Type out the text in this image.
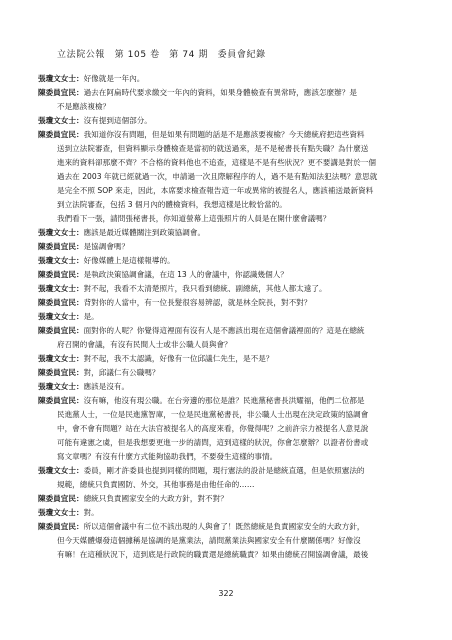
立法院公報　第 105 卷　第 74 期　委員會紀錄
張瓊文女士：好像就是一年內。
陳委員宜民：過去在阿扁時代要求繳交一年內的資料，如果身體檢查有異常時，應該怎麼辦？是
不是應該複檢？
張瓊文女士：沒有提到這個部分。
陳委員宜民：我知道你沒有問題，但是如果有問題的話是不是應該要複檢？今天總統府把這些資料
送到立法院審查，但資料顯示身體檢查是當初的就送過來，是不是秘書長有點失職？為什麼送
進來的資料卻那麼不齊？不合格的資料他也不追查，這樣是不是有些狀況？更不要講是對於一個
過去在 2003 年就已經就過一次，申請過一次且際解程序的人，過不是有點知法犯法嗎？意思就
是完全不照 SOP 來走，因此，本席要求檢查報告這一年或異常的被提名人，應該補送最新資料
到立法院審查，包括 3 個月內的體檢資料，我想這樣是比較恰當的。
我們看下一張，請問張秘書長，你知道螢幕上這張照片的人員是在開什麼會議嗎？
張瓊文女士：應該是最近媒體關注到政策協調會。
陳委員宜民：是協調會嗎？
張瓊文女士：好像媒體上是這樣報導的。
陳委員宜民：是執政決策協調會議，在這 13 人的會議中，你認識幾個人？
張瓊文女士：對不起，我看不太清楚照片，我只看到總統、副總統，其他人都太遠了。
陳委員宜民：背對你的人當中，有一位長髮很容易辨認，就是林全院長，對不對？
張瓊文女士：是。
陳委員宜民：面對你的人呢？你覺得這裡面有沒有人是不應該出現在這個會議裡面的？這是在總統
府召開的會議，有沒有民間人士或非公職人員與會？
張瓊文女士：對不起，我不太認識，好像有一位邱議仁先生，是不是？
陳委員宜民：對，邱議仁有公職嗎？
張瓊文女士：應該是沒有。
陳委員宜民：沒有嘛，他沒有現公職。在台旁邊的那位是誰？民進黨秘書長洪耀福，他們二位都是
民進黨人士，一位是民進黨智庫，一位是民進黨秘書長，非公職人士出現在決定政策的協調會
中，會不會有問題？站在大法官被提名人的高度來看，你覺得呢？之前許宗力被提名人意見說
可能有違憲之虞，但是我想要更進一步的請問，這到這樣的狀況，你會怎麼辦？以證者份書或
寫文章嗎？有沒有什麼方式能夠協助我們，不要發生這樣的事情。
張瓊文女士：委員，剛才許委員也提到同樣的問題，現行憲法的設計是總統直選，但是依照憲法的
規範，總統只負責國防、外交，其他事務是由他任命的……
陳委員宜民：總統只負責國家安全的大政方針，對不對？
張瓊文女士：對。
陳委員宜民：所以這個會議中有二位不該出現的人與會了！既然總統是負責國家安全的大政方針，
但今天媒體爆發這個據稱是協調的是黨業法，請問黨業法與國家安全有什麼關係嗎？好像沒
有嘛！在這種狀況下，這到底是行政院的職責還是總統職責？如果由總統召開協調會議，最後
322
